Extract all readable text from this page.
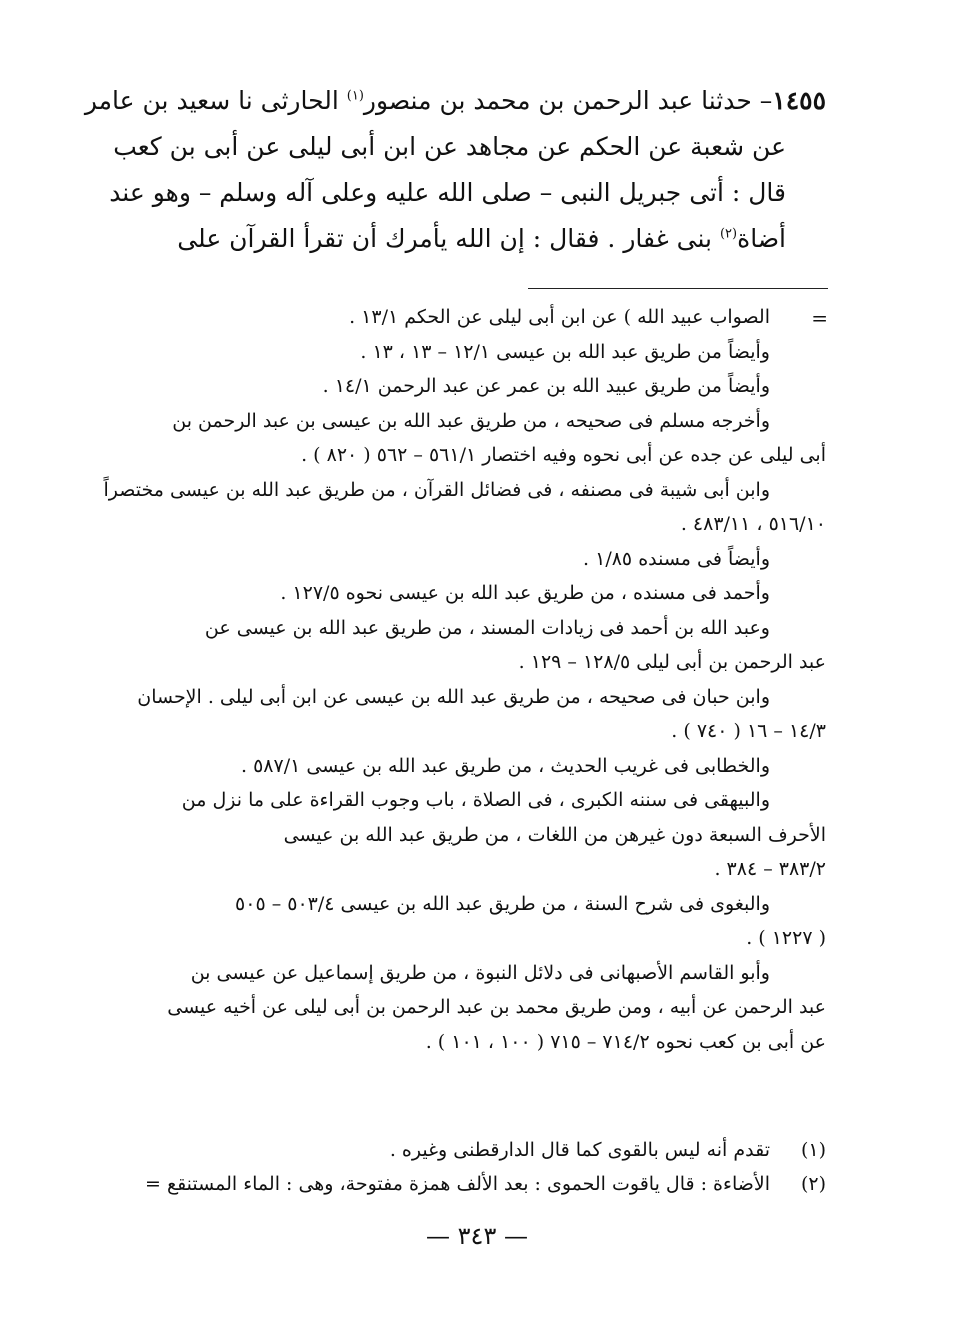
١٤٥٥– حدثنا عبد الرحمن بن محمد بن منصور$^{(١)}$ الحارثى نا سعيد بن عامر
عن شعبة عن الحكم عن مجاهد عن ابن أبى ليلى عن أبى بن كعب
قال : أتى جبريل النبى – صلى الله عليه وعلى آله وسلم – وهو عند
أضاة$^{(٢)}$ بنى غفار . فقال : إن الله يأمرك أن تقرأ القرآن على
الصواب عبيد الله ) عن ابن أبى ليلى عن الحكم ١٣/١ .
وأيضاً من طريق عبد الله بن عيسى ١٢/١ – ١٣ ، ١٣ .
وأيضاً من طريق عبيد الله بن عمر عن عبد الرحمن ١٤/١ .
وأخرجه مسلم فى صحيحه ، من طريق عبد الله بن عيسى بن عبد الرحمن بن
أبى ليلى عن جده عن أبى نحوه وفيه اختصار ٥٦١/١ – ٥٦٢ ( ٨٢٠ ) .
وابن أبى شيبة فى مصنفه ، فى فضائل القرآن ، من طريق عبد الله بن عيسى مختصراً
٥١٦/١٠ ، ٤٨٣/١١ .
وأيضاً فى مسنده ١/٨٥ .
وأحمد فى مسنده ، من طريق عبد الله بن عيسى نحوه ١٢٧/٥ .
وعبد الله بن أحمد فى زيادات المسند ، من طريق عبد الله بن عيسى عن
عبد الرحمن بن أبى ليلى ١٢٨/٥ – ١٢٩ .
وابن حبان فى صحيحه ، من طريق عبد الله بن عيسى عن ابن أبى ليلى . الإحسان
١٤/٣ – ١٦ ( ٧٤٠ ) .
والخطابى فى غريب الحديث ، من طريق عبد الله بن عيسى ٥٨٧/١ .
والبيهقى فى سننه الكبرى ، فى الصلاة ، باب وجوب القراءة على ما نزل من
الأحرف السبعة دون غيرهن من اللغات ، من طريق عبد الله بن عيسى
٣٨٣/٢ – ٣٨٤ .
والبغوى فى شرح السنة ، من طريق عبد الله بن عيسى ٥٠٣/٤ – ٥٠٥
( ١٢٢٧ ) .
وأبو القاسم الأصبهانى فى دلائل النبوة ، من طريق إسماعيل عن عيسى بن
عبد الرحمن عن أبيه ، ومن طريق محمد بن عبد الرحمن بن أبى ليلى عن أخيه عيسى
عن أبى بن كعب نحوه ٧١٤/٢ – ٧١٥ ( ١٠٠ ، ١٠١ ) .
=
(١)تقدم أنه ليس بالقوى كما قال الدارقطنى وغيره .
(٢)الأضاءة : قال ياقوت الحموى : بعد الألف همزة مفتوحة، وهى : الماء المستنقع =
— ٣٤٣ —
